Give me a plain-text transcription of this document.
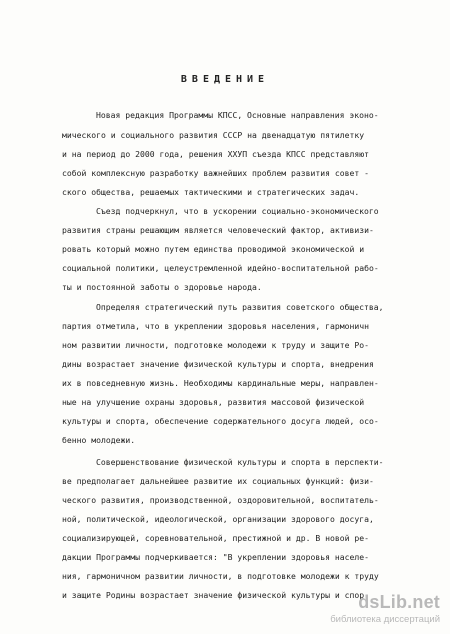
ВВЕДЕНИЕ
Новая редакция Программы КПСС, Основные направления эконо-
мического и социального развития СССР на двенадцатую пятилетку
и на период до 2000 года, решения ХХУП съезда КПСС представляют
собой комплексную разработку важнейших проблем развития совет -
ского общества, решаемых тактическими и стратегических задач.
Съезд подчеркнул, что в ускорении социально-экономического
развития страны решающим является человеческий фактор, активизи-
ровать который можно путем единства проводимой экономической и
социальной политики, целеустремленной идейно-воспитательной рабо-
ты и постоянной заботы о здоровье народа.
Определяя стратегический путь развития советского общества,
партия отметила, что в укреплении здоровья населения, гармоничн
ном развитии личности, подготовке молодежи к труду и защите Ро-
дины возрастает значение физической культуры и спорта, внедрения
их в повседневную жизнь. Необходимы кардинальные меры, направлен-
ные на улучшение охраны здоровья, развития массовой физической
культуры и спорта, обеспечение содержательного досуга людей, осо-
бенно молодежи.
Совершенствование физической культуры и спорта в перспекти-
ве предполагает дальнейшее развитие их социальных функций: физи-
ческого развития, производственной, оздоровительной, воспитатель-
ной, политической, идеологической, организации здорового досуга,
социализирующей, соревновательной, престижной и др. В новой ре-
дакции Программы подчеркивается: "В укреплении здоровья населе-
ния, гармоничном развитии личности, в подготовке молодежи к труду
и защите Родины возрастает значение физической культуры и спор-
dsLib.net
библиотека диссертаций
